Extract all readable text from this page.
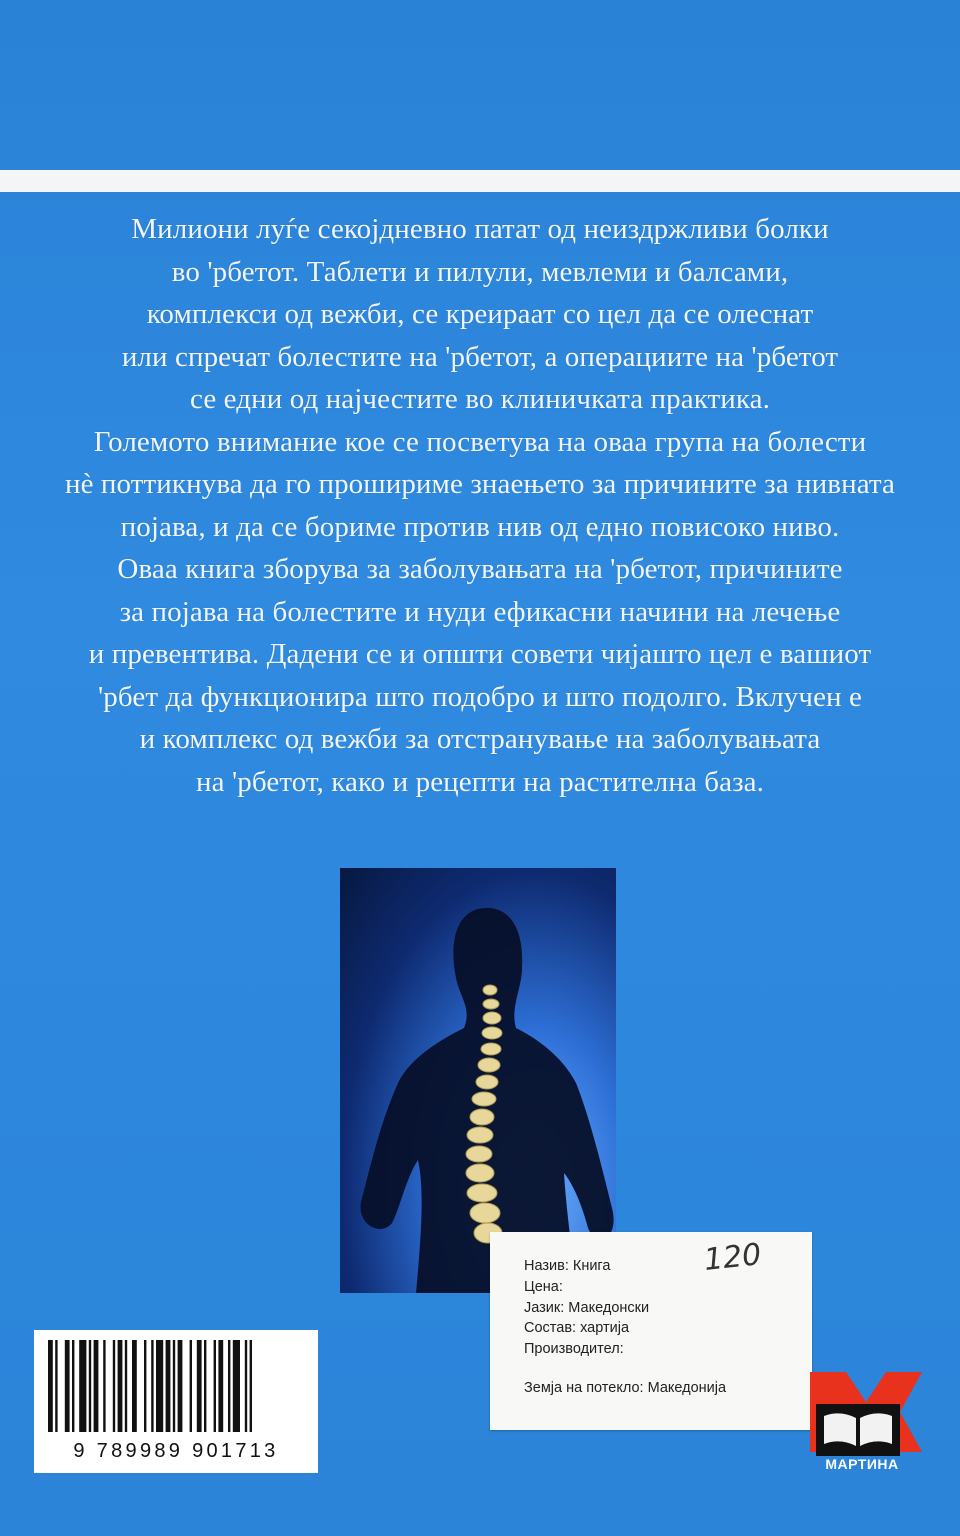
Милиони луѓе секојдневно патат од неиздржливи болки
во 'рбетот. Таблети и пилули, мевлеми и балсами,
комплекси од вежби, се креираат со цел да се олеснат
или спречат болестите на 'рбетот, а операциите на 'рбетот
се едни од најчестите во клиничката практика.
Големото внимание кое се посветува на оваа група на болести
нѐ поттикнува да го прошириме знаењето за причините за нивната
појава, и да се бориме против нив од едно повисоко ниво.
Оваа книга зборува за заболувањата на 'рбетот, причините
за појава на болестите и нуди ефикасни начини на лечење
и превентива. Дадени се и општи совети чијашто цел е вашиот
'рбет да функционира што подобро и што подолго. Вклучен е
и комплекс од вежби за отстранување на заболувањата
на 'рбетот, како и рецепти на растителна база.
9 789989 901713
Назив: Книга
Цена:
120
Јазик: Македонски
Состав: хартија
Производител:
Земја на потекло: Македонија
МАРТИНА
